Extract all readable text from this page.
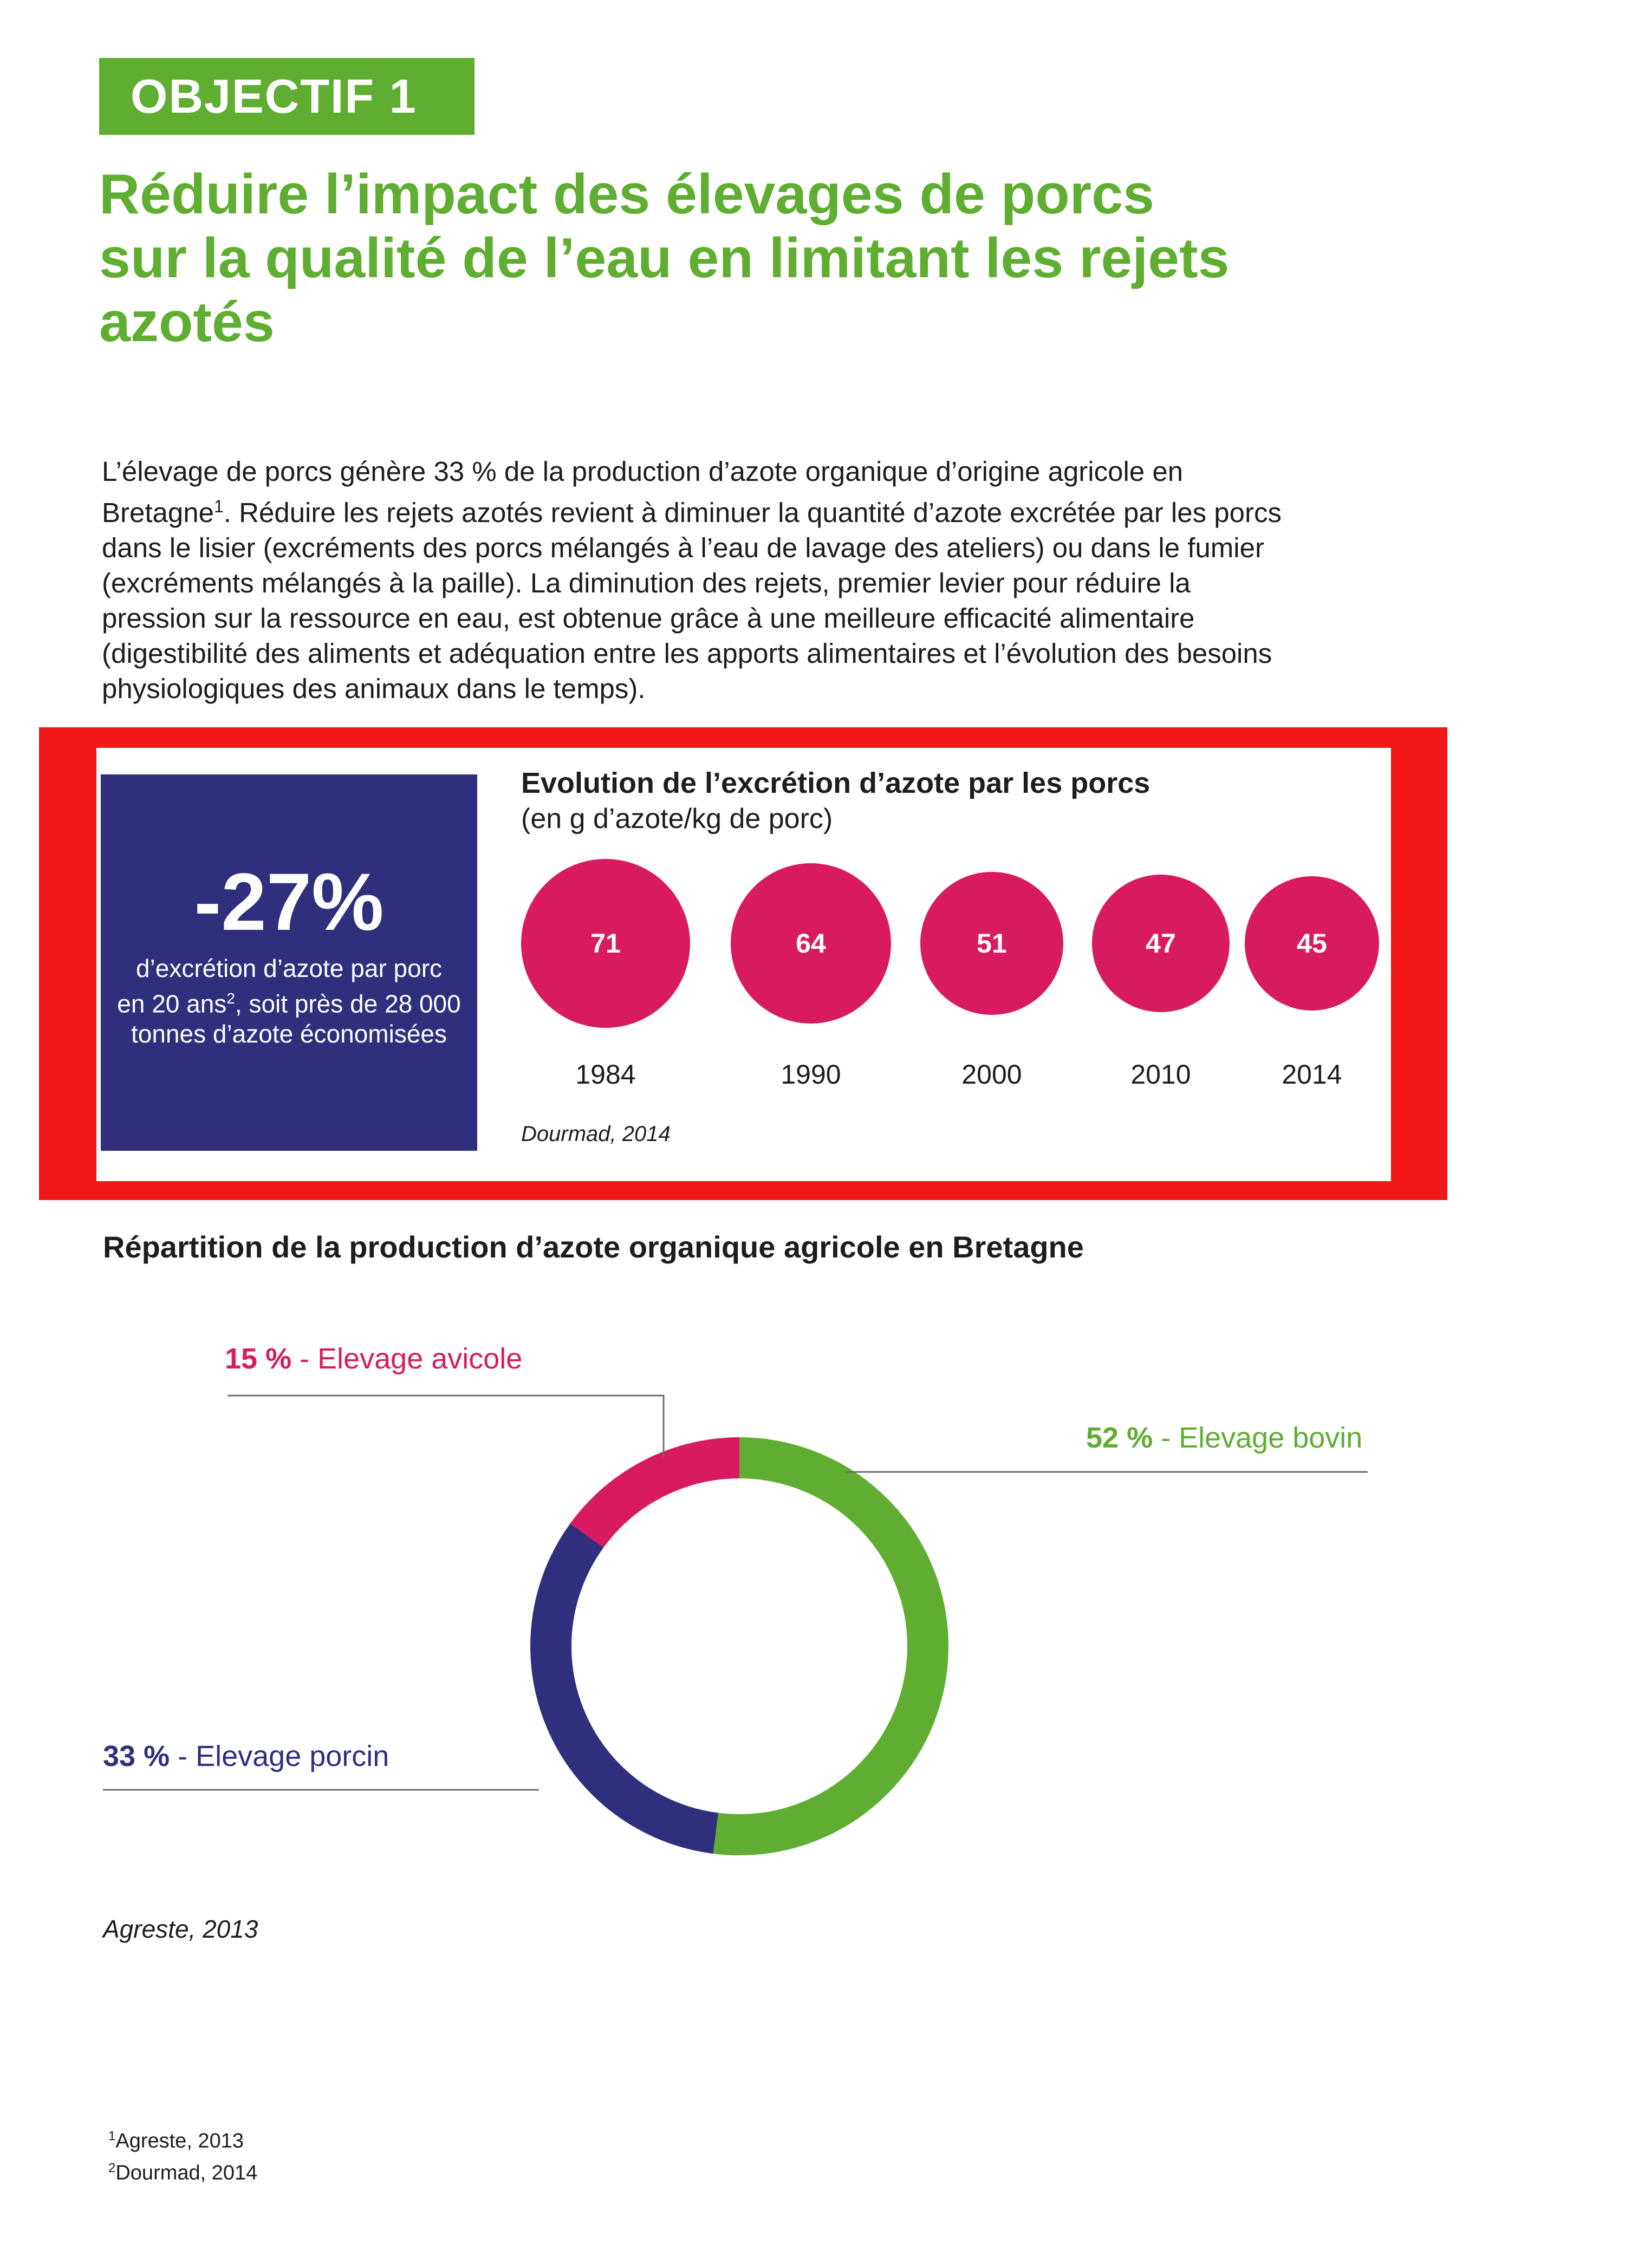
OBJECTIF 1
Réduire l’impact des élevages de porcs
sur la qualité de l’eau en limitant les rejets
azotés

L’élevage de porcs génère 33 % de la production d’azote organique d’origine agricole en Bretagne$^1$. Réduire les rejets azotés revient à diminuer la quantité d’azote excrétée par les porcs dans le lisier (excréments des porcs mélangés à l’eau de lavage des ateliers) ou dans le fumier (excréments mélangés à la paille). La diminution des rejets, premier levier pour réduire la pression sur la ressource en eau, est obtenue grâce à une meilleure efficacité alimentaire (digestibilité des aliments et adéquation entre les apports alimentaires et l’évolution des besoins physiologiques des animaux dans le temps).

-27%
d’excrétion d’azote par porc
en 20 ans$^2$, soit près de 28 000
tonnes d’azote économisées
Evolution de l’excrétion d’azote par les porcs
(en g d’azote/kg de porc)
71
1984
64
1990
51
2000
47
2010
45
2014
Dourmad, 2014
Répartition de la production d’azote organique agricole en Bretagne
15 % - Elevage avicole
52 % - Elevage bovin
33 % - Elevage porcin
Agreste, 2013
$^1$Agreste, 2013
$^2$Dourmad, 2014
